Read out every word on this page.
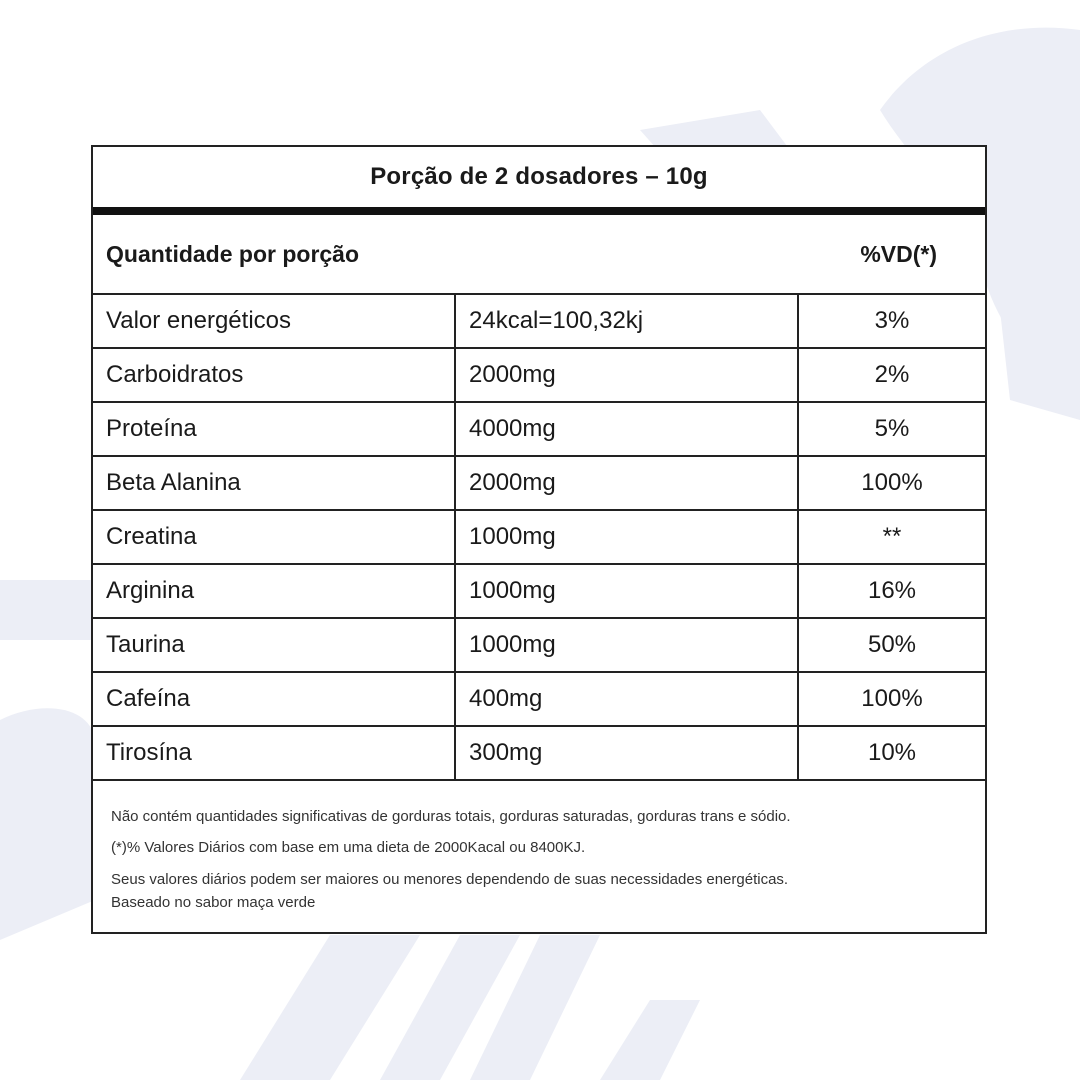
Porção de 2 dosadores – 10g
Quantidade por porção	%VD(*)
Valor energéticos	24kcal=100,32kj	3%
Carboidratos	2000mg	2%
Proteína	4000mg	5%
Beta Alanina	2000mg	100%
Creatina	1000mg	**
Arginina	1000mg	16%
Taurina	1000mg	50%
Cafeína	400mg	100%
Tirosína	300mg	10%

Não contém quantidades significativas de gorduras totais, gorduras saturadas, gorduras trans e sódio.

(*)% Valores Diários com base em uma dieta de 2000Kacal ou 8400KJ.

Seus valores diários podem ser maiores ou menores dependendo de suas necessidades energéticas.

Baseado no sabor maça verde
